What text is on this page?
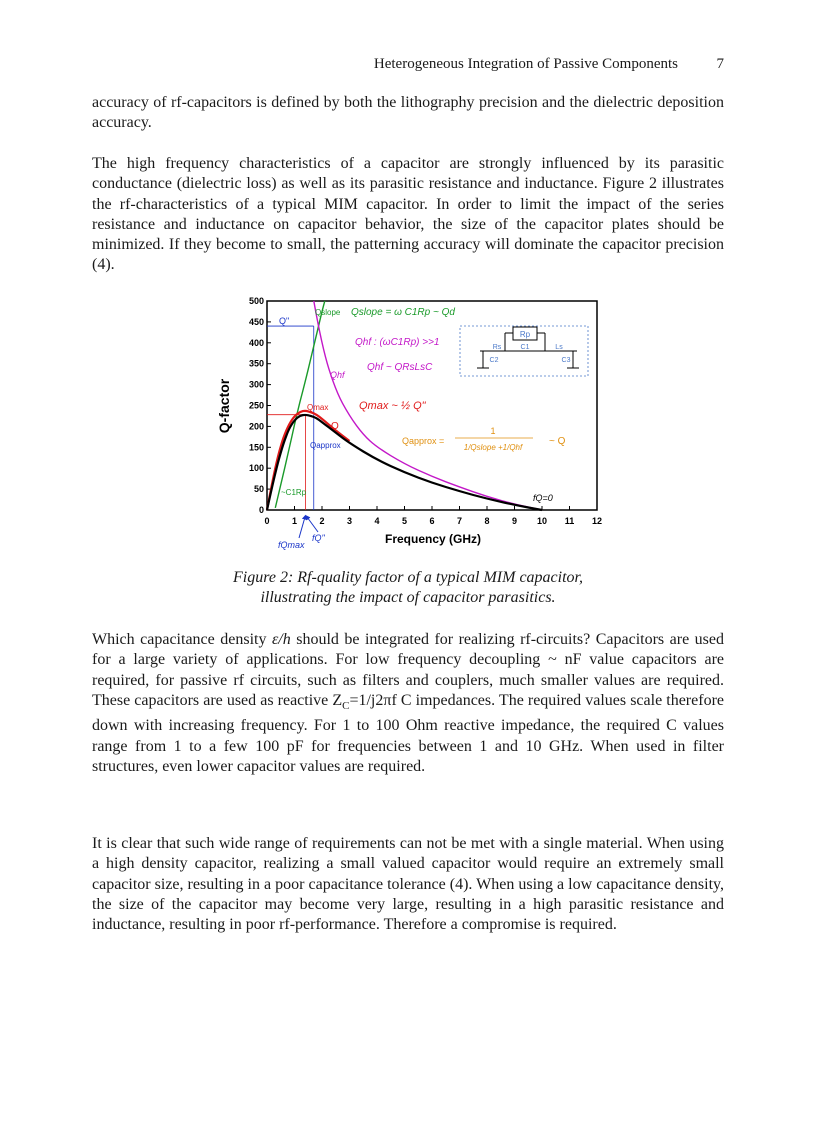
Heterogeneous Integration of Passive Components	7

accuracy of rf-capacitors is defined by both the lithography precision and the dielectric deposition accuracy.

The high frequency characteristics of a capacitor are strongly influenced by its parasitic conductance (dielectric loss) as well as its parasitic resistance and inductance. Figure 2 illustrates the rf-characteristics of a typical MIM capacitor. In order to limit the impact of the series resistance and inductance on capacitor behavior, the size of the capacitor plates should be minimized. If they become to small, the patterning accuracy will dominate the capacitor precision (4).

0 1 2 3 4 5 6 7 8 9 10 11 12
0
50
100
150
200
250
300
350
400
450
500
Frequency (GHz)
Q-factor
Q"
Qslope Qslope = ω C1Rp ~ Qd
Qhf : (ωC1Rp) >>1
Qhf
Qhf ~ QRsLsC
Qmax	Qmax ~ ½ Q"
Q
Qapprox	Qapprox =
1
1/Qslope +1/Qhf
~ Q
~C1Rp
fQ=0
fQmax
fQ"
Rp
Rs	C1	Ls
C2	C3
Figure 2: Rf-quality factor of a typical MIM capacitor,
illustrating the impact of capacitor parasitics.

Which capacitance density ε/h should be integrated for realizing rf-circuits? Capacitors are used for a large variety of applications. For low frequency decoupling ~ nF value capacitors are required, for passive rf circuits, such as filters and couplers, much smaller values are required. These capacitors are used as reactive $Z_C=1/j2\pi f$ C impedances. The required values scale therefore down with increasing frequency. For 1 to 100 Ohm reactive impedance, the required C values range from 1 to a few 100 pF for frequencies between 1 and 10 GHz. When used in filter structures, even lower capacitor values are required.

It is clear that such wide range of requirements can not be met with a single material. When using a high density capacitor, realizing a small valued capacitor would require an extremely small capacitor size, resulting in a poor capacitance tolerance (4). When using a low capacitance density, the size of the capacitor may become very large, resulting in a high parasitic resistance and inductance, resulting in poor rf-performance. Therefore a compromise is required.
